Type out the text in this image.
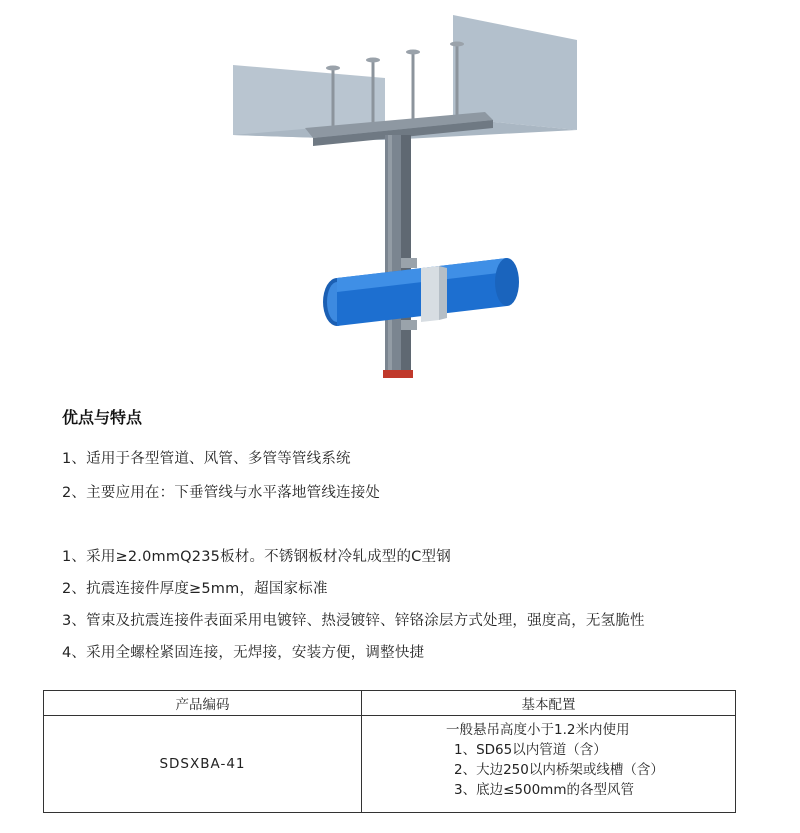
优点与特点
1、适用于各型管道、风管、多管等管线系统
2、主要应用在：下垂管线与水平落地管线连接处
1、采用≥2.0mmQ235板材。不锈钢板材冷轧成型的C型钢
2、抗震连接件厚度≥5mm，超国家标准
3、管束及抗震连接件表面采用电镀锌、热浸镀锌、锌铬涂层方式处理，强度高，无氢脆性
4、采用全螺栓紧固连接，无焊接，安装方便，调整快捷
产品编码	基本配置
SDSXBA-41	一般悬吊高度小于1.2米内使用
1、SD65以内管道（含）
2、大边250以内桥架或线槽（含）
3、底边≤500mm的各型风管
